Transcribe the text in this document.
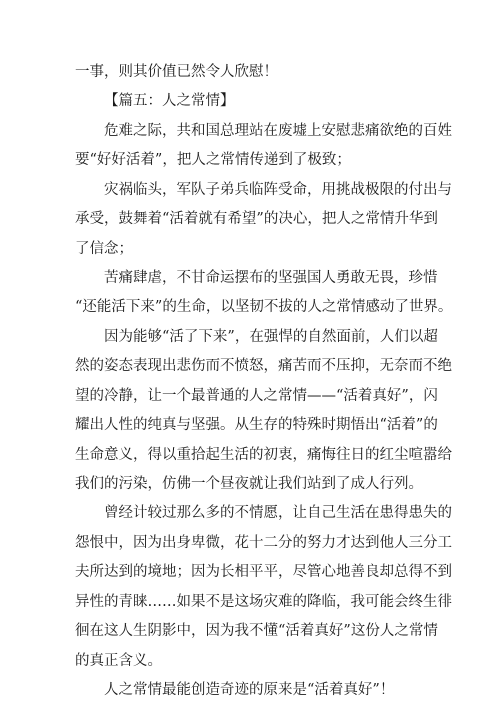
一事，则其价值已然令人欣慰！
【篇五：人之常情】
危难之际，共和国总理站在废墟上安慰悲痛欲绝的百姓
要“好好活着”，把人之常情传递到了极致；
灾祸临头，军队子弟兵临阵受命，用挑战极限的付出与
承受，鼓舞着“活着就有希望”的决心，把人之常情升华到
了信念；
苦痛肆虐，不甘命运摆布的坚强国人勇敢无畏，珍惜
“还能活下来”的生命，以坚韧不拔的人之常情感动了世界。
因为能够“活了下来”，在强悍的自然面前，人们以超
然的姿态表现出悲伤而不愤怒，痛苦而不压抑，无奈而不绝
望的冷静，让一个最普通的人之常情——“活着真好”，闪
耀出人性的纯真与坚强。从生存的特殊时期悟出“活着”的
生命意义，得以重拾起生活的初衷，痛悔往日的红尘喧嚣给
我们的污染，仿佛一个昼夜就让我们站到了成人行列。
曾经计较过那么多的不情愿，让自己生活在患得患失的
怨恨中，因为出身卑微，花十二分的努力才达到他人三分工
夫所达到的境地；因为长相平平，尽管心地善良却总得不到
异性的青睐……如果不是这场灾难的降临，我可能会终生徘
徊在这人生阴影中，因为我不懂“活着真好”这份人之常情
的真正含义。
人之常情最能创造奇迹的原来是“活着真好”！
